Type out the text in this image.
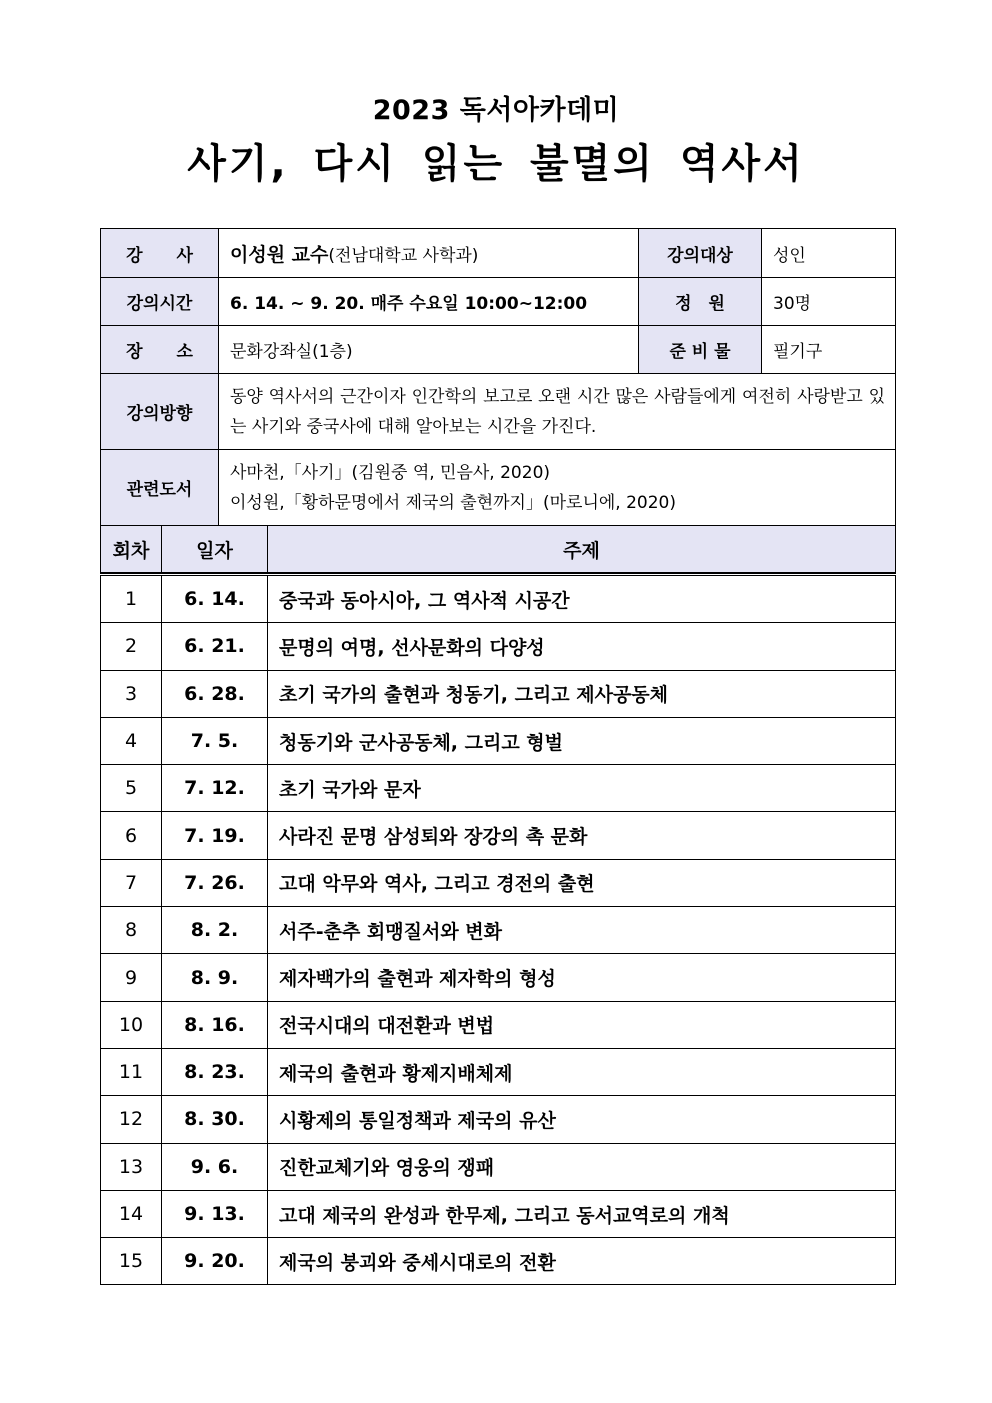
2023 독서아카데미
사기, 다시 읽는 불멸의 역사서
강　　사	이성원 교수(전남대학교 사학과)	강의대상	성인
강의시간	6. 14. ~ 9. 20. 매주 수요일 10:00~12:00	정　원	30명
장　　소	문화강좌실(1층)	준 비 물	필기구
강의방향	동양 역사서의 근간이자 인간학의 보고로 오랜 시간 많은 사람들에게 여전히 사랑받고 있는 사기와 중국사에 대해 알아보는 시간을 가진다.		
관련도서	사마천,「사기」(김원중 역, 민음사, 2020)
이성원,「황하문명에서 제국의 출현까지」(마로니에, 2020)		
회차	일자	주제
1	6. 14.	중국과 동아시아, 그 역사적 시공간
2	6. 21.	문명의 여명, 선사문화의 다양성
3	6. 28.	초기 국가의 출현과 청동기, 그리고 제사공동체
4	7. 5.	청동기와 군사공동체, 그리고 형벌
5	7. 12.	초기 국가와 문자
6	7. 19.	사라진 문명 삼성퇴와 장강의 촉 문화
7	7. 26.	고대 악무와 역사, 그리고 경전의 출현
8	8. 2.	서주-춘추 회맹질서와 변화
9	8. 9.	제자백가의 출현과 제자학의 형성
10	8. 16.	전국시대의 대전환과 변법
11	8. 23.	제국의 출현과 황제지배체제
12	8. 30.	시황제의 통일정책과 제국의 유산
13	9. 6.	진한교체기와 영웅의 쟁패
14	9. 13.	고대 제국의 완성과 한무제, 그리고 동서교역로의 개척
15	9. 20.	제국의 붕괴와 중세시대로의 전환
